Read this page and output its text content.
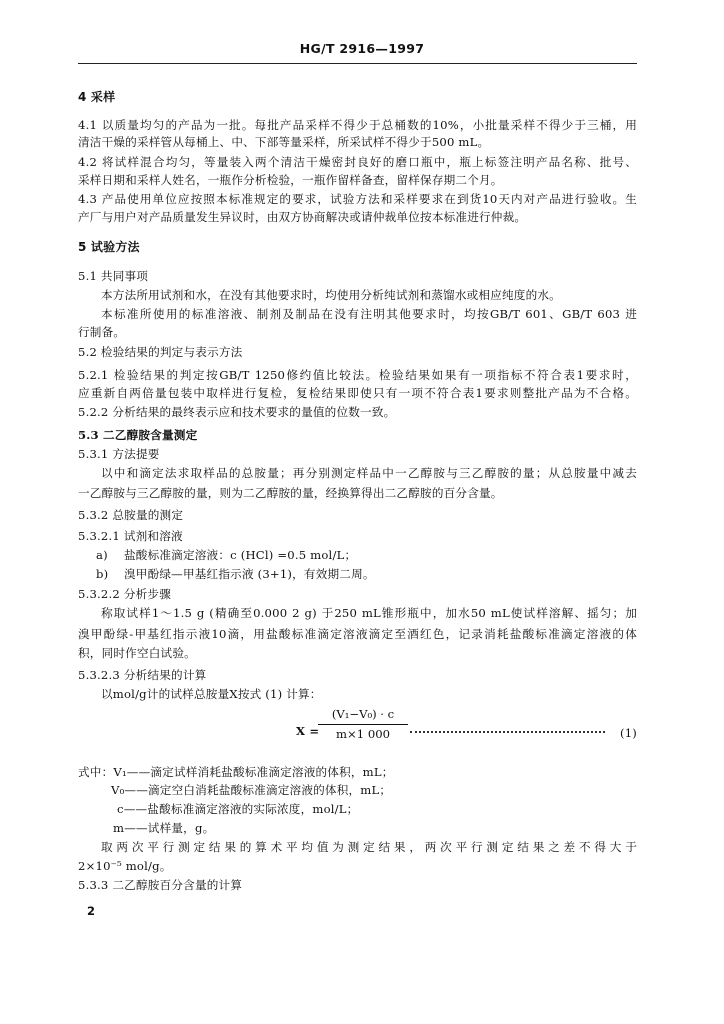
HG/T 2916—1997
4 采样
4.1 以质量均匀的产品为一批。每批产品采样不得少于总桶数的10%，小批量采样不得少于三桶，用
清洁干燥的采样管从每桶上、中、下部等量采样，所采试样不得少于500 mL。
4.2 将试样混合均匀，等量装入两个清洁干燥密封良好的磨口瓶中，瓶上标签注明产品名称、批号、
采样日期和采样人姓名，一瓶作分析检验，一瓶作留样备查，留样保存期二个月。
4.3 产品使用单位应按照本标准规定的要求，试验方法和采样要求在到货10天内对产品进行验收。生
产厂与用户对产品质量发生异议时，由双方协商解决或请仲裁单位按本标准进行仲裁。
5 试验方法
5.1 共同事项
本方法所用试剂和水，在没有其他要求时，均使用分析纯试剂和蒸馏水或相应纯度的水。
本标准所使用的标准溶液、制剂及制品在没有注明其他要求时，均按GB/T 601、GB/T 603 进
行制备。
5.2 检验结果的判定与表示方法
5.2.1 检验结果的判定按GB/T 1250修约值比较法。检验结果如果有一项指标不符合表1要求时，
应重新自两倍量包装中取样进行复检，复检结果即使只有一项不符合表1要求则整批产品为不合格。
5.2.2 分析结果的最终表示应和技术要求的量值的位数一致。
5.3 二乙醇胺含量测定
5.3.1 方法提要
以中和滴定法求取样品的总胺量；再分别测定样品中一乙醇胺与三乙醇胺的量；从总胺量中减去
一乙醇胺与三乙醇胺的量，则为二乙醇胺的量，经换算得出二乙醇胺的百分含量。
5.3.2 总胺量的测定
5.3.2.1 试剂和溶液
a) 盐酸标准滴定溶液：c (HCl) =0.5 mol/L；
b) 溴甲酚绿—甲基红指示液 (3+1)，有效期二周。
5.3.2.2 分析步骤
称取试样1～1.5 g (精确至0.000 2 g) 于250 mL锥形瓶中，加水50 mL使试样溶解、摇匀；加
溴甲酚绿-甲基红指示液10滴，用盐酸标准滴定溶液滴定至酒红色，记录消耗盐酸标准滴定溶液的体
积，同时作空白试验。
5.3.2.3 分析结果的计算
以mol/g计的试样总胺量X按式 (1) 计算：
X =
(V₁−V₀) · c
m×1 000	(1)
式中：V₁——滴定试样消耗盐酸标准滴定溶液的体积，mL；
V₀——滴定空白消耗盐酸标准滴定溶液的体积，mL；
c——盐酸标准滴定溶液的实际浓度，mol/L；
m——试样量，g。
取两次平行测定结果的算术平均值为测定结果，两次平行测定结果之差不得大于
2×10⁻⁵ mol/g。
5.3.3 二乙醇胺百分含量的计算
2
